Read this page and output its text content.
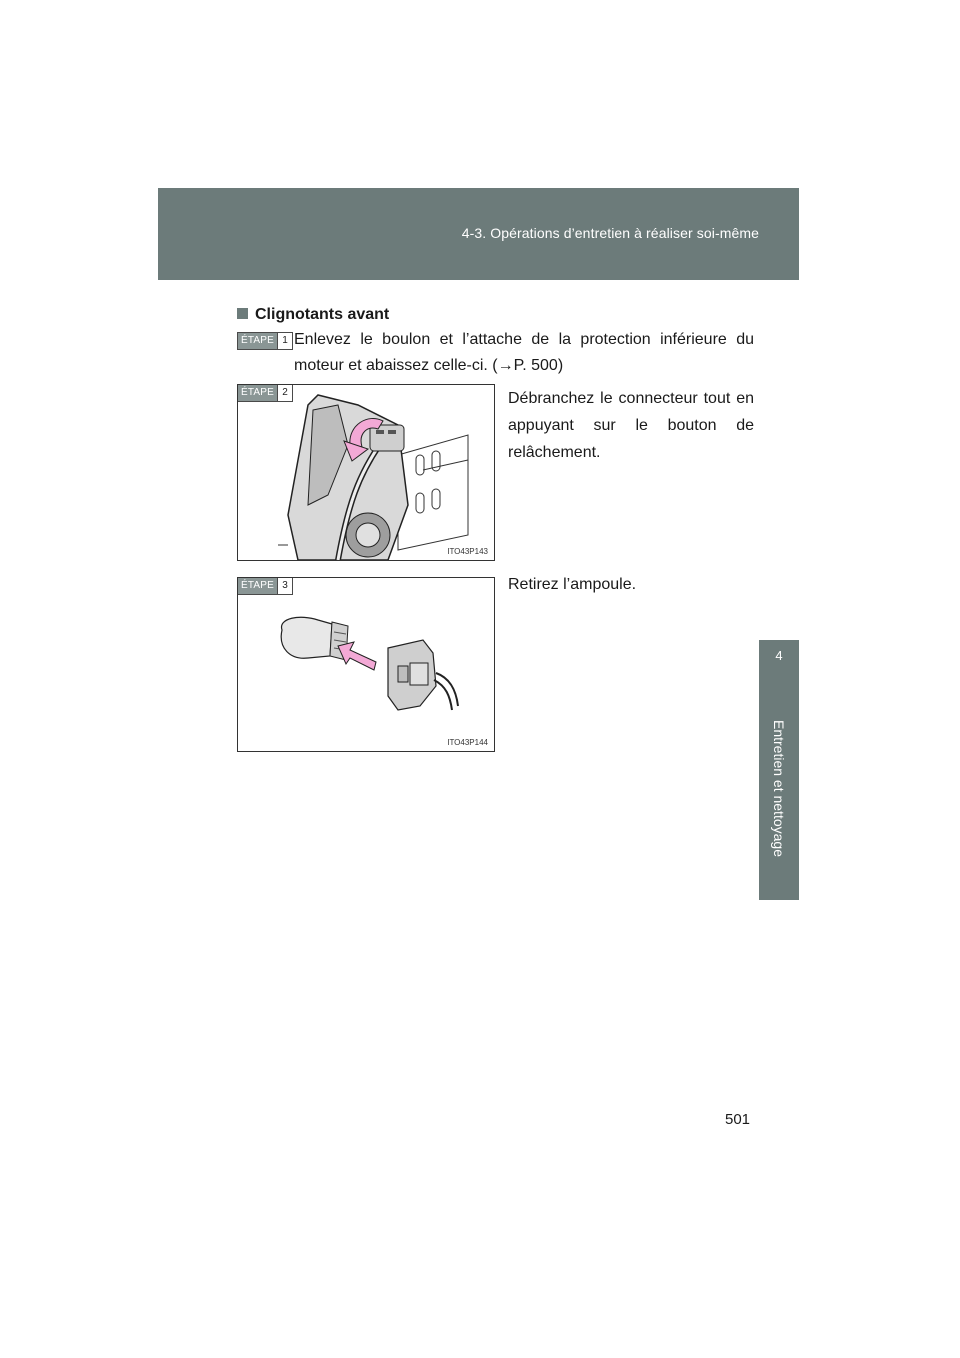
4-3. Opérations d’entretien à réaliser soi-même
4
Entretien et nettoyage
Clignotants avant
ÉTAPE 1 Enlevez le boulon et l’attache de la protection inférieure du moteur et abaissez celle-ci. (→P. 500)
ÉTAPE 2
ITO43P143
Débranchez le connecteur tout en appuyant sur le bouton de relâchement.
ÉTAPE 3
ITO43P144
Retirez l’ampoule.
501
